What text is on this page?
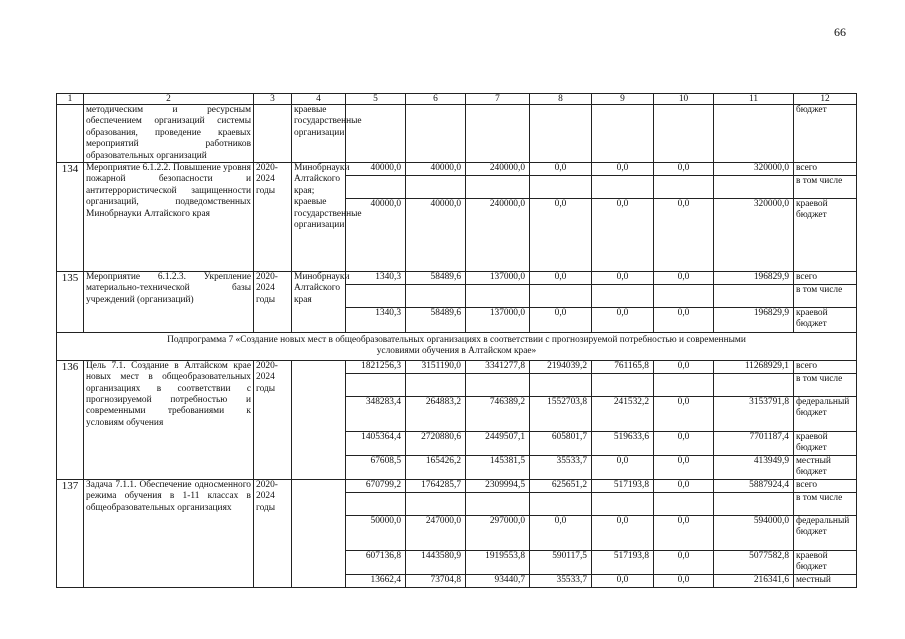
66
1	2	3	4	5	6	7	8	9	10	11	12
	методическим и ресурсным обеспечением организаций системы образования, проведение краевых мероприятий работников образовательных организаций		краевые государственные организации								бюджет
134	Мероприятие 6.1.2.2. Повышение уровня пожарной безопасности и антитеррористической защищенности организаций, подведомственных Минобрнауки Алтайского края	2020-2024 годы	Минобрнауки Алтайского края; краевые государственные организации	40000,0	40000,0	240000,0	0,0	0,0	0,0	320000,0	всего
											в том числе
				40000,0	40000,0	240000,0	0,0	0,0	0,0	320000,0	краевой бюджет
135	Мероприятие 6.1.2.3. Укрепление материально-технической базы учреждений (организаций)	2020-2024 годы	Минобрнауки Алтайского края	1340,3	58489,6	137000,0	0,0	0,0	0,0	196829,9	всего
											в том числе
				1340,3	58489,6	137000,0	0,0	0,0	0,0	196829,9	краевой бюджет
Подпрограмма 7 «Создание новых мест в общеобразовательных организациях в соответствии с прогнозируемой потребностью и современными условиями обучения в Алтайском крае»											
136	Цель 7.1. Создание в Алтайском крае новых мест в общеобразовательных организациях в соответствии с прогнозируемой потребностью и современными требованиями к условиям обучения	2020-2024 годы		1821256,3	3151190,0	3341277,8	2194039,2	761165,8	0,0	11268929,1	всего
											в том числе
				348283,4	264883,2	746389,2	1552703,8	241532,2	0,0	3153791,8	федеральный бюджет
				1405364,4	2720880,6	2449507,1	605801,7	519633,6	0,0	7701187,4	краевой бюджет
				67608,5	165426,2	145381,5	35533,7	0,0	0,0	413949,9	местный бюджет
137	Задача 7.1.1. Обеспечение односменного режима обучения в 1-11 классах в общеобразовательных организациях	2020-2024 годы		670799,2	1764285,7	2309994,5	625651,2	517193,8	0,0	5887924,4	всего
											в том числе
				50000,0	247000,0	297000,0	0,0	0,0	0,0	594000,0	федеральный бюджет
				607136,8	1443580,9	1919553,8	590117,5	517193,8	0,0	5077582,8	краевой бюджет
				13662,4	73704,8	93440,7	35533,7	0,0	0,0	216341,6	местный
